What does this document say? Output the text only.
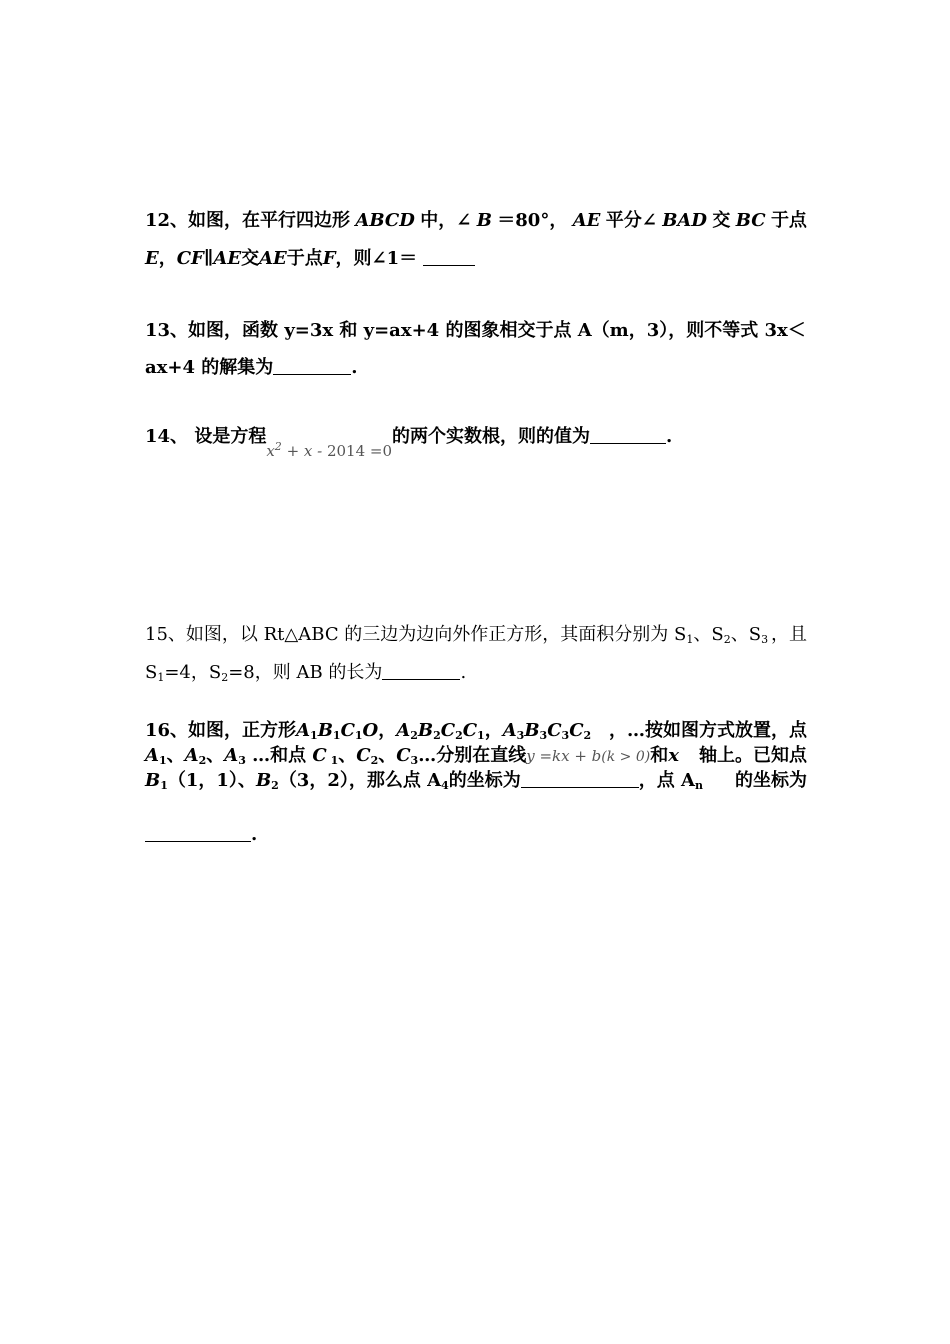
12、如图，在平行四边形 ABCD 中，∠ B ＝80°， AE 平分∠ BAD 交 BC 于点
E，CF∥AE交AE于点F，则∠1＝
13、如图，函数 y=3x 和 y=ax+4 的图象相交于点 A（m，3），则不等式 3x＜
ax+4 的解集为	.
14、 设是方程$x^2 + x - 2014 =0$的两个实数根，则的值为	.
15、如图，以 Rt△ABC 的三边为边向外作正方形，其面积分别为 $S_1$、$S_2$、$S_3$ ，且
$S_1=4$，$S_2=8$，则 AB 的长为	.
16、如图，正方形$A_1B_1C_1O$，$A_2B_2C_2C_1$，$A_3B_3C_3C_2$ ，…按如图方式放置，点
$A_1$、$A_2$、$A_3$ …和点 C $_1$、$C_2$、$C_3\dots$分别在直线y =kx + b(k > 0)和x 轴上。已知点
$B_1(1$，1）、$B_2(3$，2），那么点 $A_4$的坐标为	，点 $A_n$ 的坐标为
.
